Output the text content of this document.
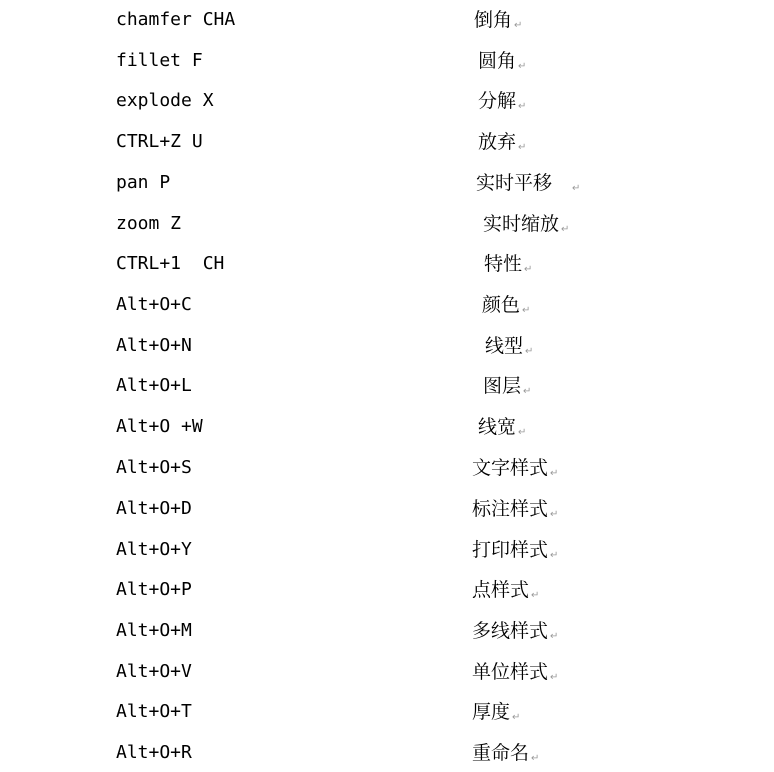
chamfer CHA	倒角 ↵
fillet F	圆角 ↵
explode X	分解 ↵
CTRL+Z U	放弃 ↵
pan P	实时平移 ↵
zoom Z	实时缩放 ↵
CTRL+1  CH	特性 ↵
Alt+O+C	颜色 ↵
Alt+O+N	线型 ↵
Alt+O+L	图层 ↵
Alt+O +W	线宽 ↵
Alt+O+S	文字样式 ↵
Alt+O+D	标注样式 ↵
Alt+O+Y	打印样式 ↵
Alt+O+P	点样式 ↵
Alt+O+M	多线样式 ↵
Alt+O+V	单位样式 ↵
Alt+O+T	厚度 ↵
Alt+O+R	重命名 ↵
